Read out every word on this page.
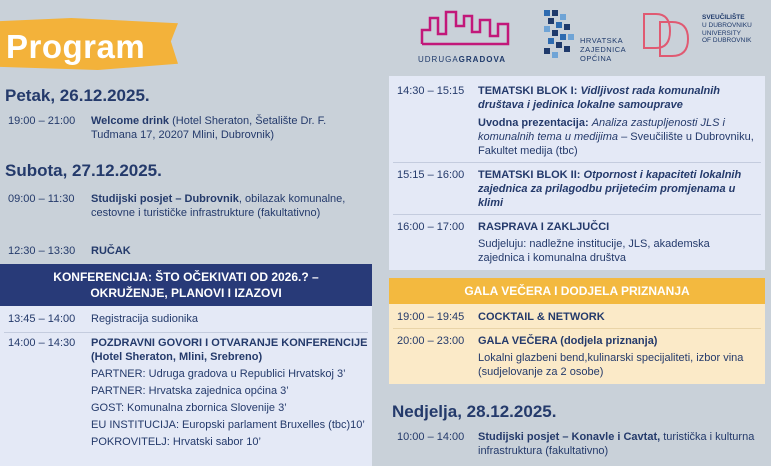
Program	UDRUGAGRADOVA
HRVATSKA
ZAJEDNICA
OPĆINA
SVEUČILIŠTE
U DUBROVNIKU
UNIVERSITY
OF DUBROVNIK
Petak, 26.12.2025.
19:00 – 21:00 Welcome drink (Hotel Sheraton, Šetalište Dr. F. Tuđmana 17, 20207 Mlini, Dubrovnik)
Subota, 27.12.2025.
09:00 – 11:30 Studijski posjet – Dubrovnik, obilazak komunalne, cestovne i turističke infrastrukture (fakultativno)
12:30 – 13:30 RUČAK
KONFERENCIJA: ŠTO OČEKIVATI OD 2026.? –
OKRUŽENJE, PLANOVI I IZAZOVI
13:45 – 14:00 Registracija sudionika
14:00 – 14:30 POZDRAVNI GOVORI I OTVARANJE KONFERENCIJE (Hotel Sheraton, Mlini, Srebreno)
PARTNER: Udruga gradova u Republici Hrvatskoj 3’
PARTNER: Hrvatska zajednica općina 3’
GOST: Komunalna zbornica Slovenije 3’
EU INSTITUCIJA: Europski parlament Bruxelles (tbc)10’
POKROVITELJ: Hrvatski sabor 10’
14:30 – 15:15 TEMATSKI BLOK I: Vidljivost rada komunalnih društava i jedinica lokalne samouprave
Uvodna prezentacija: Analiza zastupljenosti JLS i komunalnih tema u medijima – Sveučilište u Dubrovniku, Fakultet medija (tbc)
15:15 – 16:00 TEMATSKI BLOK II: Otpornost i kapaciteti lokalnih zajednica za prilagodbu prijetećim promjenama u klimi
16:00 – 17:00 RASPRAVA I ZAKLJUČCI
Sudjeluju: nadležne institucije, JLS, akademska zajednica i komunalna društva
GALA VEČERA I DODJELA PRIZNANJA
19:00 – 19:45 COCKTAIL & NETWORK
20:00 – 23:00 GALA VEČERA (dodjela priznanja)
Lokalni glazbeni bend,kulinarski specijaliteti, izbor vina (sudjelovanje za 2 osobe)
Nedjelja, 28.12.2025.
10:00 – 14:00 Studijski posjet – Konavle i Cavtat, turistička i kulturna infrastruktura (fakultativno)
